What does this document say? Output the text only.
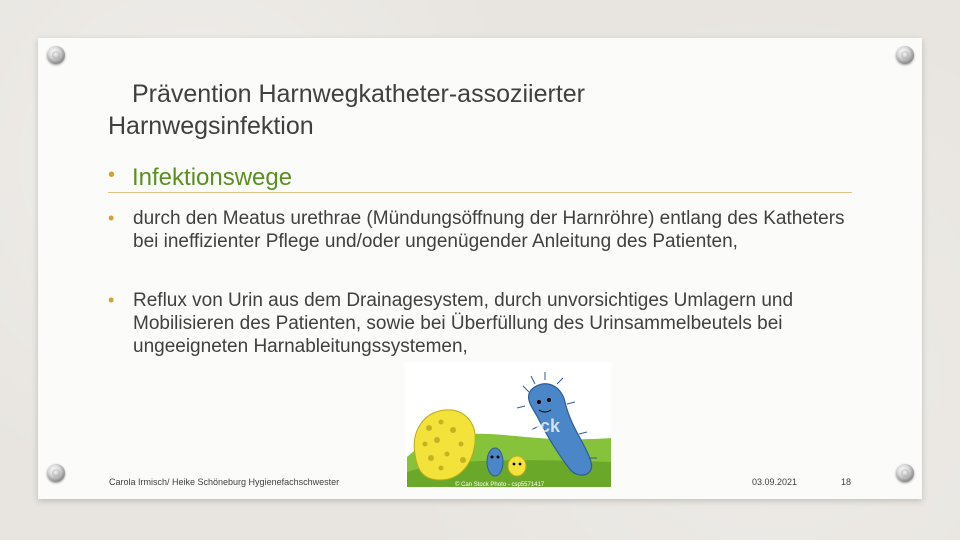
Prävention Harnwegkatheter-assoziierter
Harnwegsinfektion
• Infektionswege
• durch den Meatus urethrae (Mündungsöffnung der Harnröhre) entlang des Katheters bei ineffizienter Pflege und/oder ungenügender Anleitung des Patienten,
• Reflux von Urin aus dem Drainagesystem, durch unvorsichtiges Umlagern und Mobilisieren des Patienten, sowie bei Überfüllung des Urinsammelbeutels bei ungeeigneten Harnableitungssystemen,
CanStock
© Can Stock Photo - csp5571417
Carola Irmisch/ Heike Schöneburg Hygienefachschwester	03.09.2021	18
